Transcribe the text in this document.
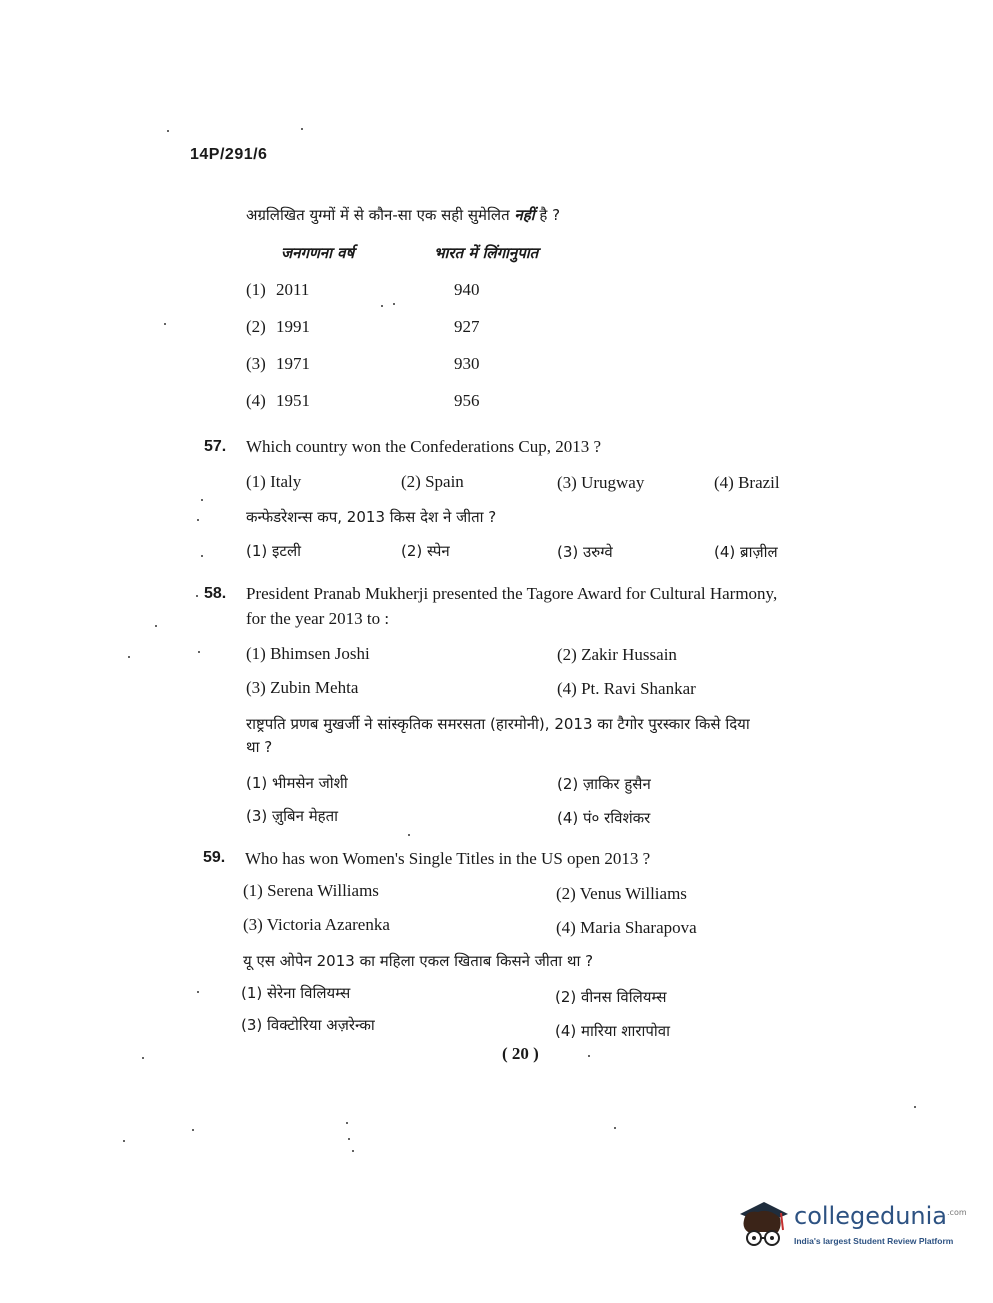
14P/291/6
अग्रलिखित युग्मों में से कौन-सा एक सही सुमेलित नहीं है ?
जनगणना वर्ष	भारत में लिंगानुपात
(1) 2011	940
(2) 1991	927
(3) 1971	930
(4) 1951	956
57. Which country won the Confederations Cup, 2013 ?
(1) Italy	(2) Spain	(3) Urugway	(4) Brazil
कन्फेडरेशन्स कप, 2013 किस देश ने जीता ?
(1) इटली	(2) स्पेन	(3) उरुग्वे	(4) ब्राज़ील
58. President Pranab Mukherji presented the Tagore Award for Cultural Harmony,
for the year 2013 to :
(1) Bhimsen Joshi	(2) Zakir Hussain
(3) Zubin Mehta	(4) Pt. Ravi Shankar
राष्ट्रपति प्रणब मुखर्जी ने सांस्कृतिक समरसता (हारमोनी), 2013 का टैगोर पुरस्कार किसे दिया
था ?
(1) भीमसेन जोशी	(2) ज़ाकिर हुसैन
(3) ज़ुबिन मेहता	(4) पं० रविशंकर
59. Who has won Women's Single Titles in the US open 2013 ?
(1) Serena Williams	(2) Venus Williams
(3) Victoria Azarenka	(4) Maria Sharapova
यू एस ओपेन 2013 का महिला एकल खिताब किसने जीता था ?
(1) सेरेना विलियम्स	(2) वीनस विलियम्स
(3) विक्टोरिया अज़रेन्का	(4) मारिया शारापोवा
( 20 )
collegedunia$^{.com}$
India's largest Student Review Platform
